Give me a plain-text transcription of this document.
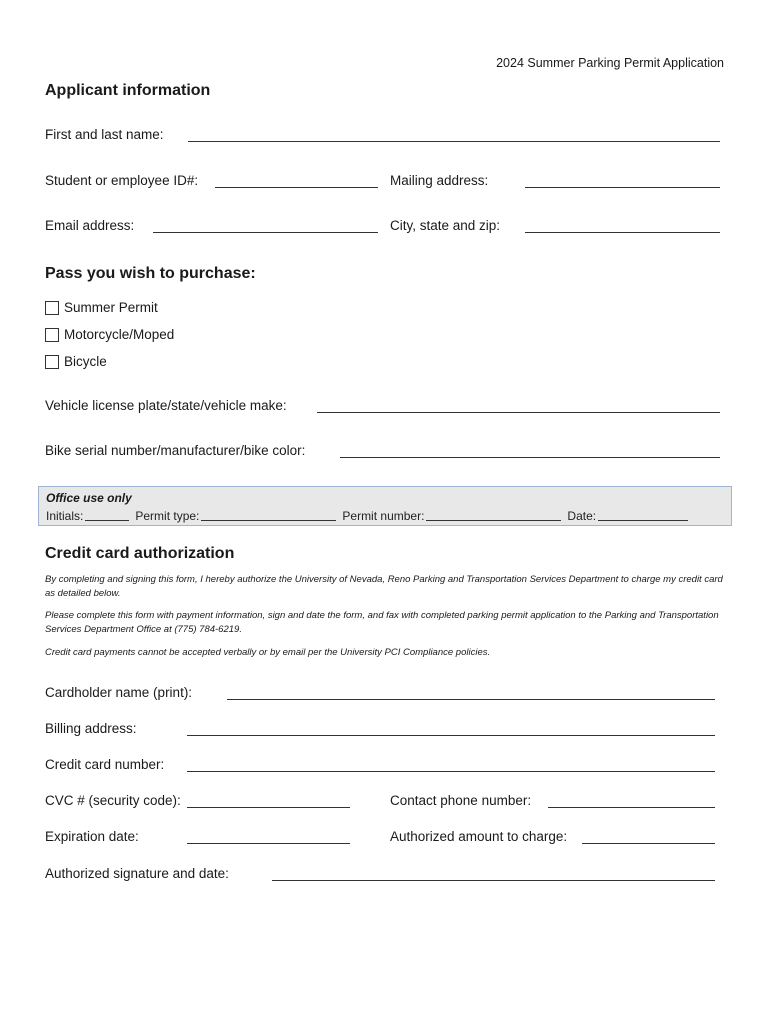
2024 Summer Parking Permit Application
Applicant information
First and last name:
Student or employee ID#:	Mailing address:
Email address:	City, state and zip:
Pass you wish to purchase:
Summer Permit
Motorcycle/Moped
Bicycle
Vehicle license plate/state/vehicle make:
Bike serial number/manufacturer/bike color:
Office use only
Initials:	Permit type:	Permit number:	Date:
Credit card authorization
By completing and signing this form, I hereby authorize the University of Nevada, Reno Parking and Transportation Services Department to charge my credit card as detailed below.
Please complete this form with payment information, sign and date the form, and fax with completed parking permit application to the Parking and Transportation Services Department Office at (775) 784-6219.
Credit card payments cannot be accepted verbally or by email per the University PCI Compliance policies.
Cardholder name (print):
Billing address:
Credit card number:
CVC # (security code):	Contact phone number:
Expiration date:	Authorized amount to charge:
Authorized signature and date:
